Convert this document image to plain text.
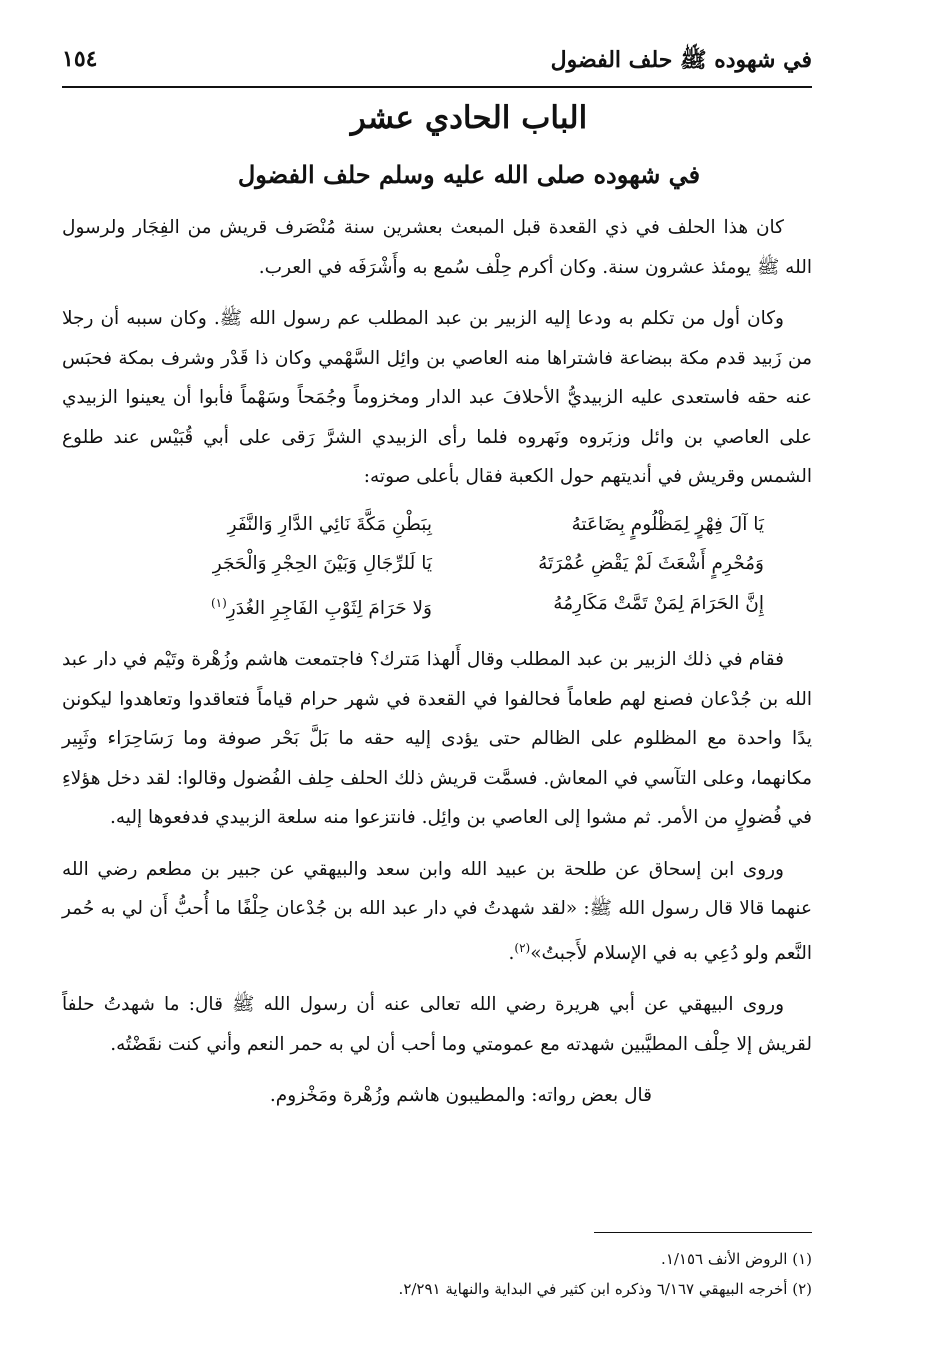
في شهوده ﷺ حلف الفضول
١٥٤
الباب الحادي عشر
في شهوده صلى الله عليه وسلم حلف الفضول

كان هذا الحلف في ذي القعدة قبل المبعث بعشرين سنة مُنْصَرف قريش من الفِجَار ولرسول الله ﷺ يومئذ عشرون سنة. وكان أكرم حِلْف سُمع به وأَشْرَفَه في العرب.

وكان أول من تكلم به ودعا إليه الزبير بن عبد المطلب عم رسول الله ﷺ. وكان سببه أن رجلا من زَبيد قدم مكة ببضاعة فاشتراها منه العاصي بن وائِل السَّهْمي وكان ذا قَدْر وشرف بمكة فحبَس عنه حقه فاستعدى عليه الزبيديُّ الأحلافَ عبد الدار ومخزوماً وجُمَحاً وسَهْماً فأبوا أن يعينوا الزبيدي على العاصي بن وائل وزبَروه ونَهروه فلما رأى الزبيدي الشرَّ رَقى على أبي قُبَيْس عند طلوع الشمس وقريش في أنديتهم حول الكعبة فقال بأعلى صوته:

يَا آلَ فِهْرٍ لِمَظْلُومٍ بِضَاعَتهُ
بِبَطْنِ مَكَّةَ نَائِي الدَّارِ وَالنَّفَرِ
وَمُحْرِمٍ أَشْعَثَ لَمْ يَقْضِ عُمْرَتَهُ
يَا لَلرِّجَالِ وَبَيْنَ الحِجْرِ وَالْحَجَرِ
إِنَّ الحَرَامَ لِمَنْ تَمَّتْ مَكَارِمُهُ
وَلا حَرَامَ لِثَوْبِ الفَاجِرِ الغُدَرِ$^{(١)}$

فقام في ذلك الزبير بن عبد المطلب وقال أَلهذا مَترك؟ فاجتمعت هاشم وزُهْرة وتَيْم في دار عبد الله بن جُدْعان فصنع لهم طعاماً فحالفوا في القعدة في شهر حرام قياماً فتعاقدوا وتعاهدوا ليكونن يدًا واحدة مع المظلوم على الظالم حتى يؤدى إليه حقه ما بَلَّ بَحْر صوفة وما رَسَاحِرَاء وثَبِير مكانهما، وعلى التآسي في المعاش. فسمَّت قريش ذلك الحلف حِلف الفُضول وقالوا: لقد دخل هؤلاءِ في فُضولٍ من الأمر. ثم مشوا إلى العاصي بن وائِل. فانتزعوا منه سلعة الزبيدي فدفعوها إليه.

وروى ابن إسحاق عن طلحة بن عبيد الله وابن سعد والبيهقي عن جبير بن مطعم رضي الله عنهما قالا قال رسول الله ﷺ: «لقد شهدتُ في دار عبد الله بن جُدْعان حِلْفًا ما أُحبُّ أَن لي به حُمر النَّعم ولو دُعِي به في الإسلام لأَجبتُ»$^{(٢)}$.

وروى البيهقي عن أبي هريرة رضي الله تعالى عنه أن رسول الله ﷺ قال: ما شهدتُ حلفاً لقريش إلا حِلْف المطيَّبين شهدته مع عمومتي وما أحب أن لي به حمر النعم وأني كنت نقَضْتُه.

قال بعض رواته: والمطيبون هاشم وزُهْرة ومَخْزوم.

(١) الروض الأنف ١/١٥٦.

(٢) أخرجه البيهقي ٦/١٦٧ وذكره ابن كثير في البداية والنهاية ٢/٢٩١.
